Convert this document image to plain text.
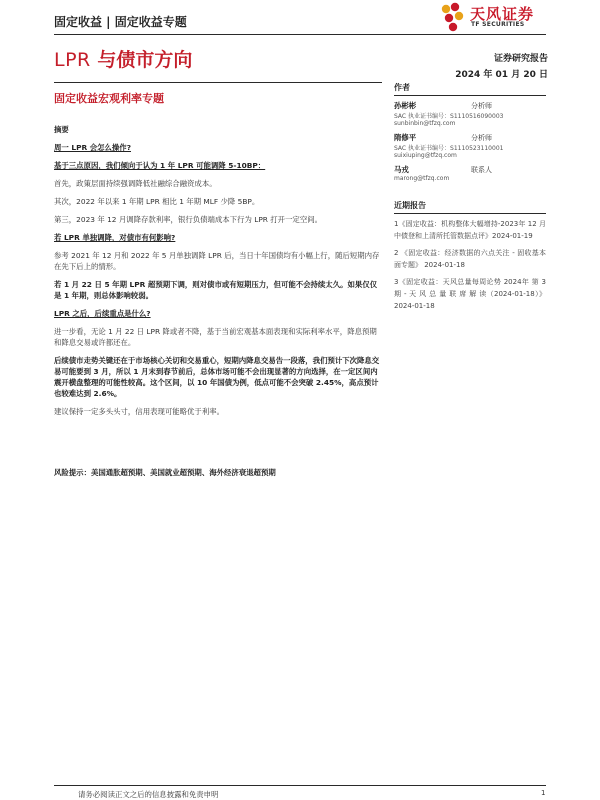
固定收益 | 固定收益专题	天风证券
TF SECURITIES
LPR 与债市方向	证券研究报告
2024 年 01 月 20 日
固定收益宏观利率专题

摘要

周一 LPR 会怎么操作?

基于三点原因，我们倾向于认为 1 年 LPR 可能调降 5-10BP：

首先，政策层面持续强调降低社融综合融资成本。

其次，2022 年以来 1 年期 LPR 相比 1 年期 MLF 少降 5BP。

第三，2023 年 12 月调降存款利率，银行负债端成本下行为 LPR 打开一定空间。

若 LPR 单独调降，对债市有何影响?

参考 2021 年 12 月和 2022 年 5 月单独调降 LPR 后，当日十年国债均有小幅上行，随后短期内存在先下后上的情形。

若 1 月 22 日 5 年期 LPR 超预期下调，则对债市或有短期压力，但可能不会持续太久。如果仅仅是 1 年期，则总体影响较弱。

LPR 之后，后续重点是什么?

进一步看，无论 1 月 22 日 LPR 降或者不降，基于当前宏观基本面表现和实际利率水平，降息预期和降息交易或许都还在。

后续债市走势关键还在于市场核心关切和交易重心，短期内降息交易告一段落，我们预计下次降息交易可能要到 3 月，所以 1 月末到春节前后，总体市场可能不会出现显著的方向选择，在一定区间内震开横盘整理的可能性较高。这个区间，以 10 年国债为例，低点可能不会突破 2.45%，高点预计也较难达到 2.6%。

建议保持一定多头头寸，信用表现可能略优于利率。

风险提示：美国通胀超预期、美国就业超预期、海外经济衰退超预期

作者
孙彬彬	分析师
SAC 执业证书编号：S1110516090003
sunbinbin@tfzq.com
隋修平	分析师
SAC 执业证书编号：S1110523110001
suixiuping@tfzq.com
马戎	联系人
marong@tfzq.com
近期报告
1《固定收益：机构整体大幅增持-2023年 12 月中债登和上清所托管数据点评》2024-01-19
2 《固定收益：经济数据的六点关注 - 固收基本面专题》 2024-01-18
3《固定收益：天风总量每周论势 2024年 第 3 期 - 天 风 总 量 联 席 解 读（2024-01-18）》 2024-01-18
请务必阅读正文之后的信息披露和免责申明	1
